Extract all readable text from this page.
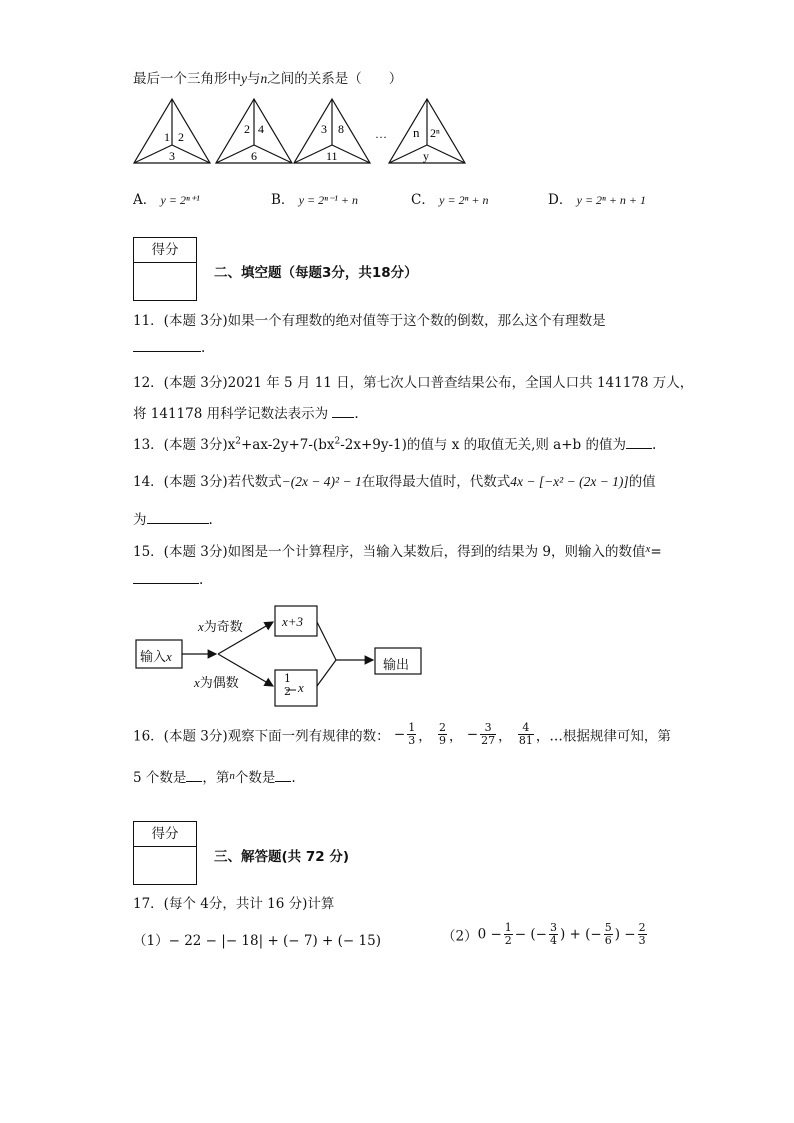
最后一个三角形中y与n之间的关系是（　　）
1 2
3
2 4
6
3 8
11
… n 2ⁿ
y
A． y = 2ⁿ⁺¹	B． y = 2ⁿ⁻¹ + n	C． y = 2ⁿ + n	D． y = 2ⁿ + n + 1
得分
二、填空题（每题3分，共18分）
11．(本题 3分)如果一个有理数的绝对值等于这个数的倒数，那么这个有理数是
.
12．(本题 3分)2021 年 5 月 11 日，第七次人口普查结果公布，全国人口共 141178 万人，
将 141178 用科学记数法表示为 .
13．(本题 3分)$x^2+ax-2y+7-(bx^2-2x+9y-1)$的值与 x 的取值无关,则 a+b 的值为 .
14．(本题 3分)若代数式−(2x − 4)² − 1在取得最大值时，代数式4x − [−x² − (2x − 1)]的值
为	.
15．(本题 3分)如图是一个计算程序，当输入某数后，得到的结果为 9，则输入的数值$^x$=
.
输入x
x为奇数
x为偶数
x+3
1
2 x
输出
16．(本题 3分)观察下面一列有规律的数： − $\frac{1}{3}$ ， $\frac{2}{9}$ ， − $\frac{3}{27}$ ， $\frac{4}{81}$ ，…根据规律可知，第
5 个数是 ，第$^n$个数是 .
得分
三、解答题(共 72 分)
17．(每个 4分，共计 16 分)计算
（1）− 22 − |− 18| + (− 7) + (− 15)	$(2)0 - \frac{1}{2}$ − (− $\frac{3}{4}$ ) + (− $\frac{5}{6}$ ) − $\frac{2}{3}$
